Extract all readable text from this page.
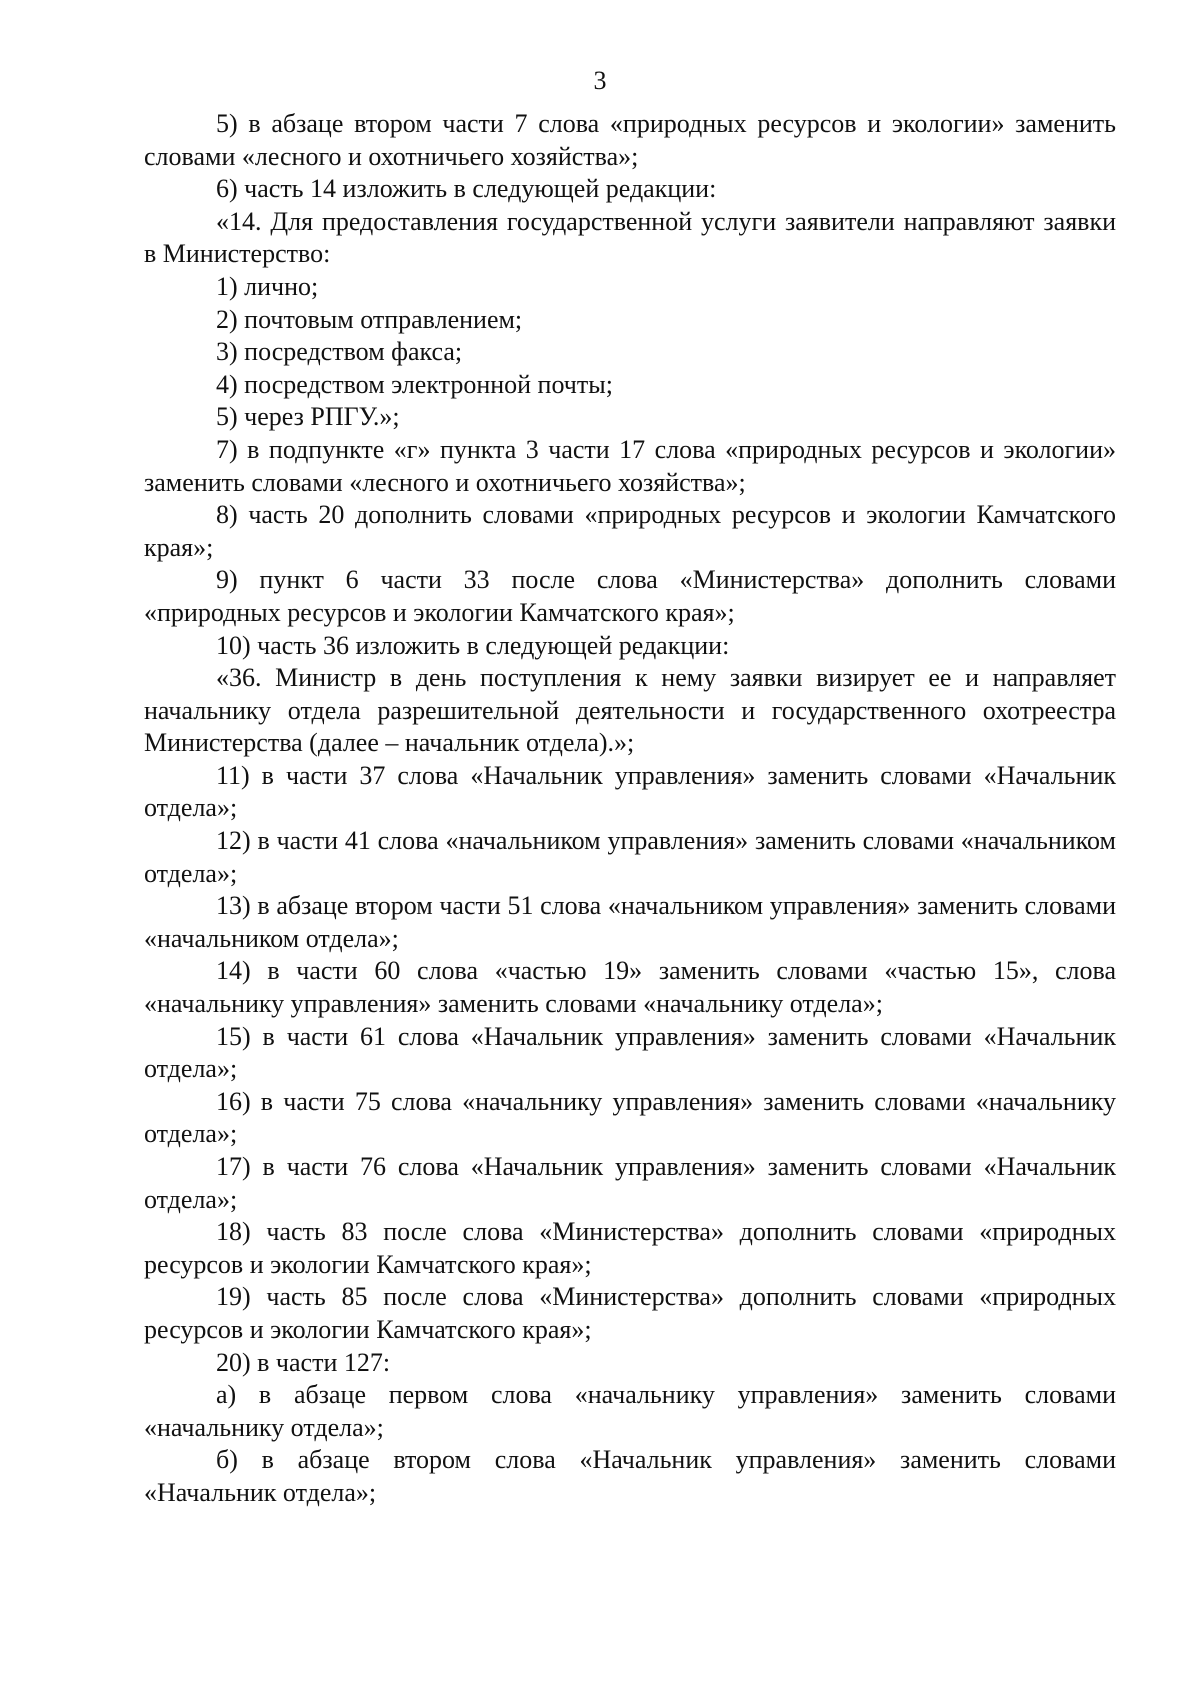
3

5) в абзаце втором части 7 слова «природных ресурсов и экологии» заменить словами «лесного и охотничьего хозяйства»;

6) часть 14 изложить в следующей редакции:

«14. Для предоставления государственной услуги заявители направляют заявки в Министерство:

1) лично;

2) почтовым отправлением;

3) посредством факса;

4) посредством электронной почты;

5) через РПГУ.»;

7) в подпункте «г» пункта 3 части 17 слова «природных ресурсов и экологии» заменить словами «лесного и охотничьего хозяйства»;

8) часть 20 дополнить словами «природных ресурсов и экологии Камчатского края»;

9) пункт 6 части 33 после слова «Министерства» дополнить словами «природных ресурсов и экологии Камчатского края»;

10) часть 36 изложить в следующей редакции:

«36. Министр в день поступления к нему заявки визирует ее и направляет начальнику отдела разрешительной деятельности и государственного охотреестра Министерства (далее – начальник отдела).»;

11) в части 37 слова «Начальник управления» заменить словами «Начальник отдела»;

12) в части 41 слова «начальником управления» заменить словами «начальником отдела»;

13) в абзаце втором части 51 слова «начальником управления» заменить словами «начальником отдела»;

14) в части 60 слова «частью 19» заменить словами «частью 15», слова «начальнику управления» заменить словами «начальнику отдела»;

15) в части 61 слова «Начальник управления» заменить словами «Начальник отдела»;

16) в части 75 слова «начальнику управления» заменить словами «начальнику отдела»;

17) в части 76 слова «Начальник управления» заменить словами «Начальник отдела»;

18) часть 83 после слова «Министерства» дополнить словами «природных ресурсов и экологии Камчатского края»;

19) часть 85 после слова «Министерства» дополнить словами «природных ресурсов и экологии Камчатского края»;

20) в части 127:

а) в абзаце первом слова «начальнику управления» заменить словами «начальнику отдела»;

б) в абзаце втором слова «Начальник управления» заменить словами «Начальник отдела»;
